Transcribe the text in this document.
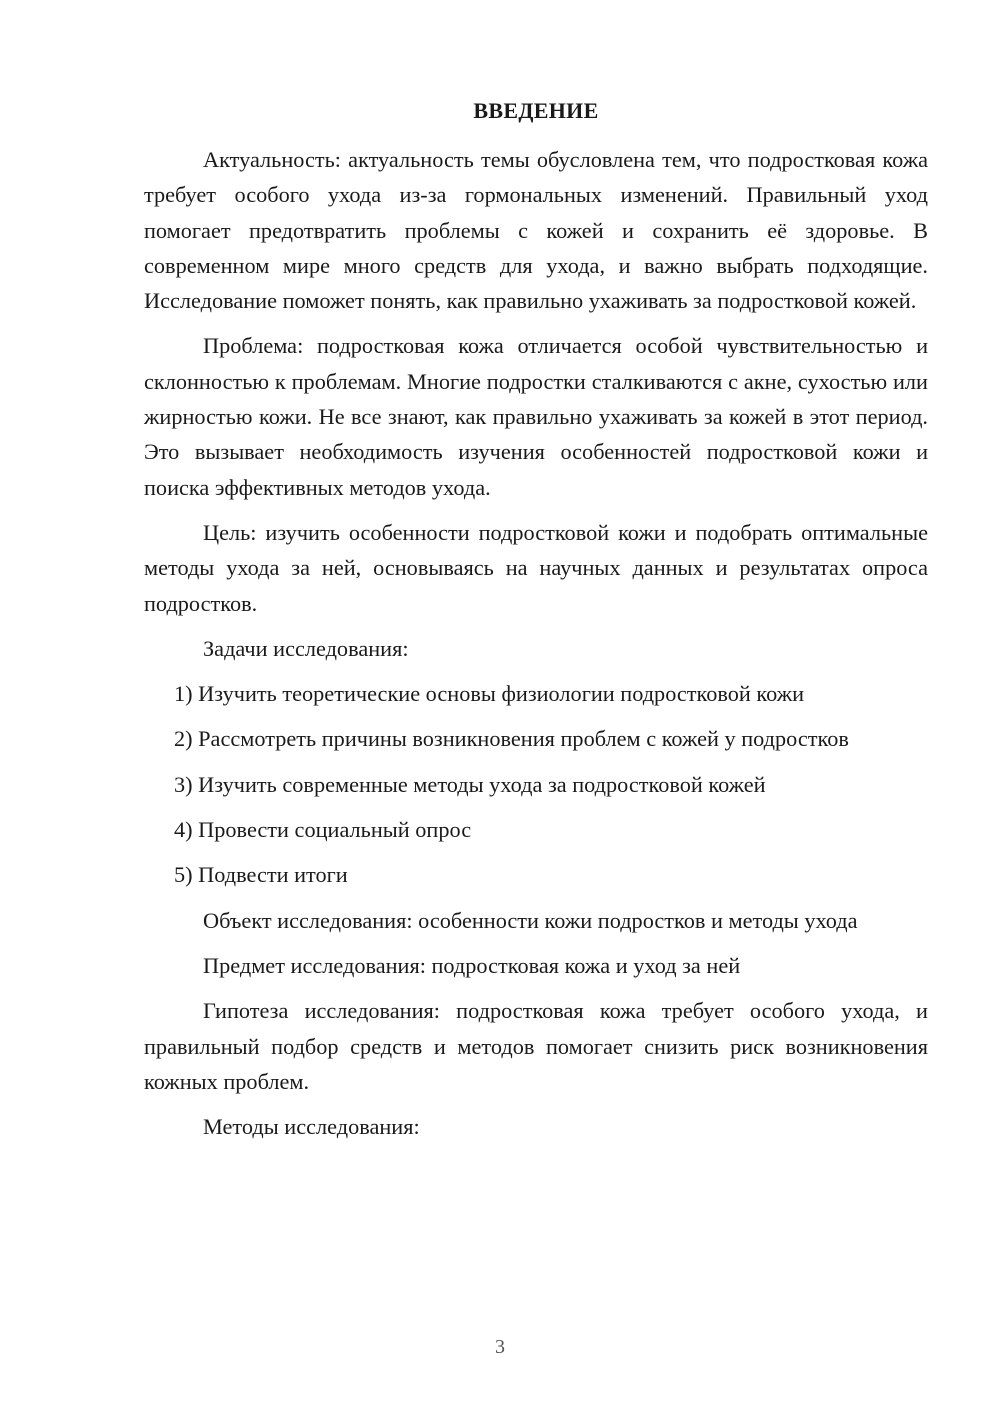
ВВЕДЕНИЕ

Актуальность: актуальность темы обусловлена тем, что подростковая кожа требует особого ухода из-за гормональных изменений. Правильный уход помогает предотвратить проблемы с кожей и сохранить её здоровье. В современном мире много средств для ухода, и важно выбрать подходящие. Исследование поможет понять, как правильно ухаживать за подростковой кожей.

Проблема: подростковая кожа отличается особой чувствительностью и склонностью к проблемам. Многие подростки сталкиваются с акне, сухостью или жирностью кожи. Не все знают, как правильно ухаживать за кожей в этот период. Это вызывает необходимость изучения особенностей подростковой кожи и поиска эффективных методов ухода.

Цель: изучить особенности подростковой кожи и подобрать оптимальные методы ухода за ней, основываясь на научных данных и результатах опроса подростков.

Задачи исследования:

1) Изучить теоретические основы физиологии подростковой кожи

2) Рассмотреть причины возникновения проблем с кожей у подростков

3) Изучить современные методы ухода за подростковой кожей

4) Провести социальный опрос

5) Подвести итоги

Объект исследования: особенности кожи подростков и методы ухода

Предмет исследования: подростковая кожа и уход за ней

Гипотеза исследования: подростковая кожа требует особого ухода, и правильный подбор средств и методов помогает снизить риск возникновения кожных проблем.

Методы исследования:

3
